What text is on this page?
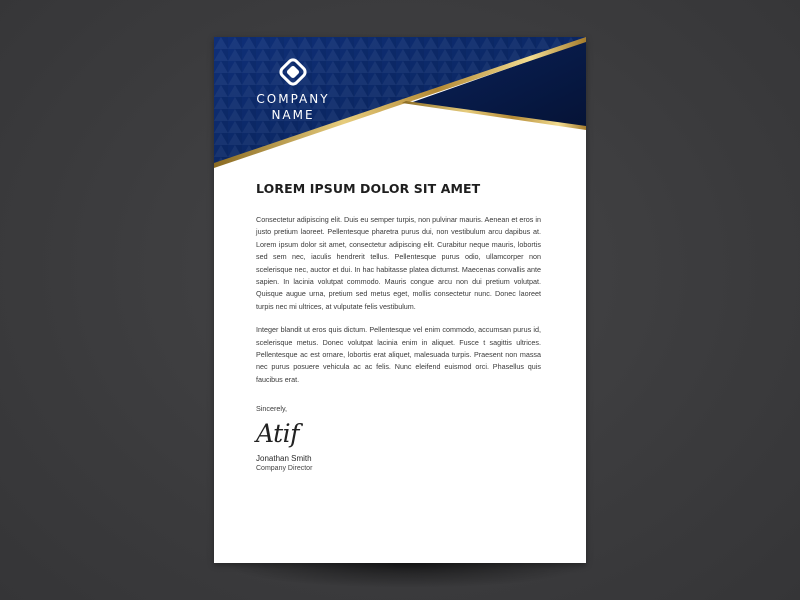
COMPANY
NAME
LOREM IPSUM DOLOR SIT AMET

Consectetur adipiscing elit. Duis eu semper turpis, non pulvinar mauris. Aenean et eros in justo pretium laoreet. Pellentesque pharetra purus dui, non vestibulum arcu dapibus at. Lorem ipsum dolor sit amet, consectetur adipiscing elit. Curabitur neque mauris, lobortis sed sem nec, iaculis hendrerit tellus. Pellentesque purus odio, ullamcorper non scelerisque nec, auctor et dui. In hac habitasse platea dictumst. Maecenas convallis ante sapien. In lacinia volutpat commodo. Mauris congue arcu non dui pretium volutpat. Quisque augue urna, pretium sed metus eget, mollis consectetur nunc. Donec laoreet turpis nec mi ultrices, at vulputate felis vestibulum.

Integer blandit ut eros quis dictum. Pellentesque vel enim commodo, accumsan purus id, scelerisque metus. Donec volutpat lacinia enim in aliquet. Fusce t sagittis ultrices. Pellentesque ac est ornare, lobortis erat aliquet, malesuada turpis. Praesent non massa nec purus posuere vehicula ac ac felis. Nunc eleifend euismod orci. Phasellus quis faucibus erat.

Sincerely,
Atif
Jonathan Smith
Company Director
